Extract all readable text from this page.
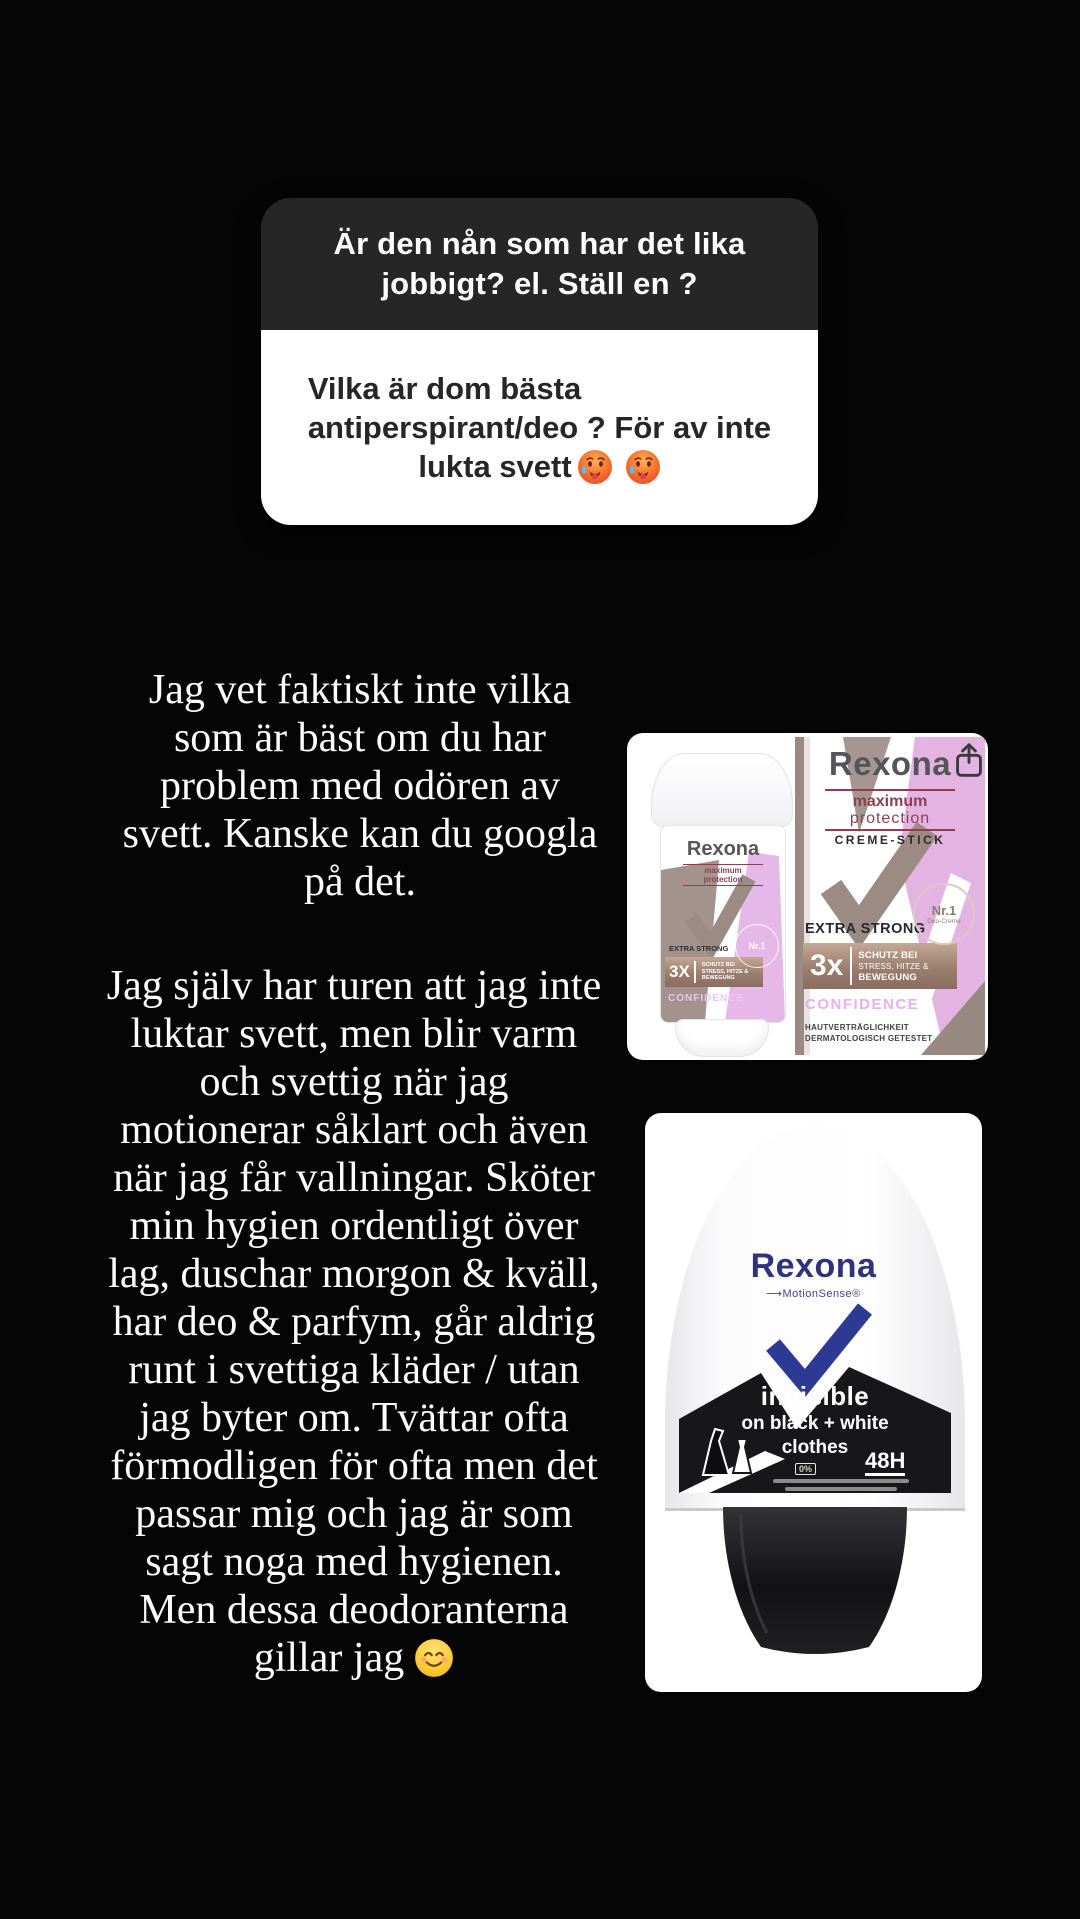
Är den nån som har det lika
jobbigt? el. Ställ en ?
Vilka är dom bästa
antiperspirant/deo ? För av inte
lukta svett
Jag vet faktiskt inte vilka
som är bäst om du har
problem med odören av
svett. Kanske kan du googla
på det.
Jag själv har turen att jag inte
luktar svett, men blir varm
och svettig när jag
motionerar såklart och även
när jag får vallningar. Sköter
min hygien ordentligt över
lag, duschar morgon & kväll,
har deo & parfym, går aldrig
runt i svettiga kläder / utan
jag byter om. Tvättar ofta
förmodligen för ofta men det
passar mig och jag är som
sagt noga med hygienen.
Men dessa deodoranterna
gillar jag
Rexona
maximum
protection
CREME-STICK
EXTRA STRONG
3x	SCHUTZ BEI
STRESS, HITZE &
BEWEGUNG
CONFIDENCE
HAUTVERTRÄGLICHKEIT
DERMATOLOGISCH GETESTET
Nr.1
Deo-Creme
Rexona
maximum
protection
EXTRA STRONG
3X	SCHUTZ BEI
STRESS, HITZE &
BEWEGUNG
CONFIDENCE
Nr.1
Rexona
⟶MotionSense®
invisible
on black + white
clothes
0% 48H
